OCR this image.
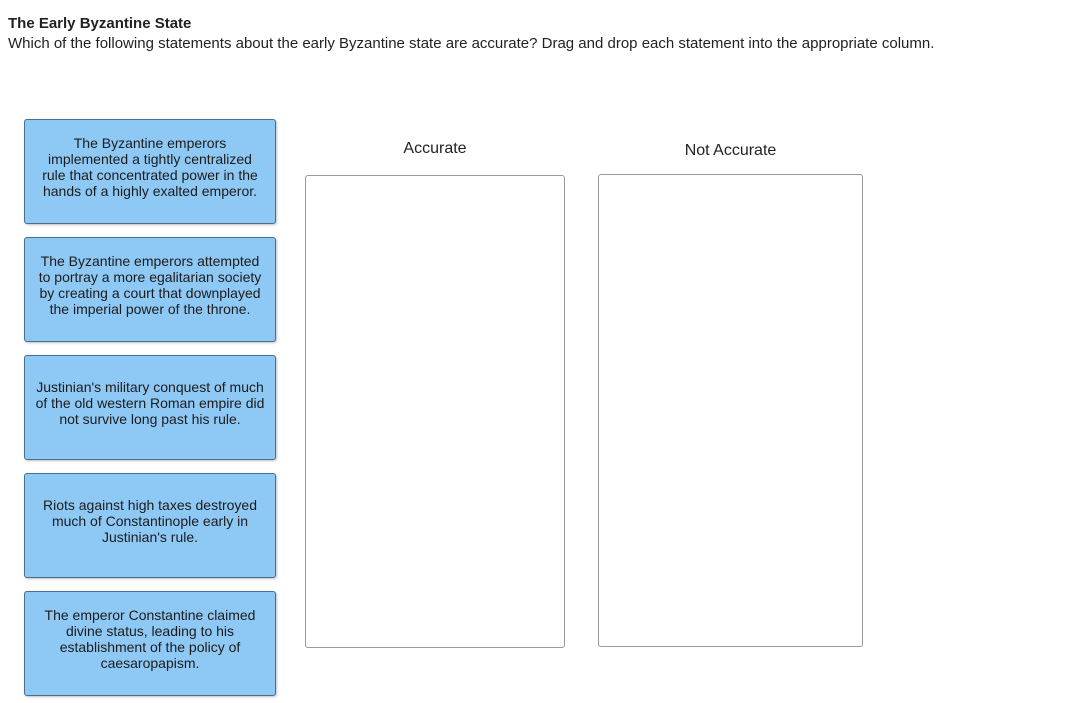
The Early Byzantine State

Which of the following statements about the early Byzantine state are accurate? Drag and drop each statement into the appropriate column.

The Byzantine emperors implemented a tightly centralized rule that concentrated power in the hands of a highly exalted emperor.
The Byzantine emperors attempted to portray a more egalitarian society by creating a court that downplayed the imperial power of the throne.
Justinian's military conquest of much of the old western Roman empire did not survive long past his rule.
Riots against high taxes destroyed much of Constantinople early in Justinian's rule.
The emperor Constantine claimed divine status, leading to his establishment of the policy of caesaropapism.
Accurate	Not Accurate
